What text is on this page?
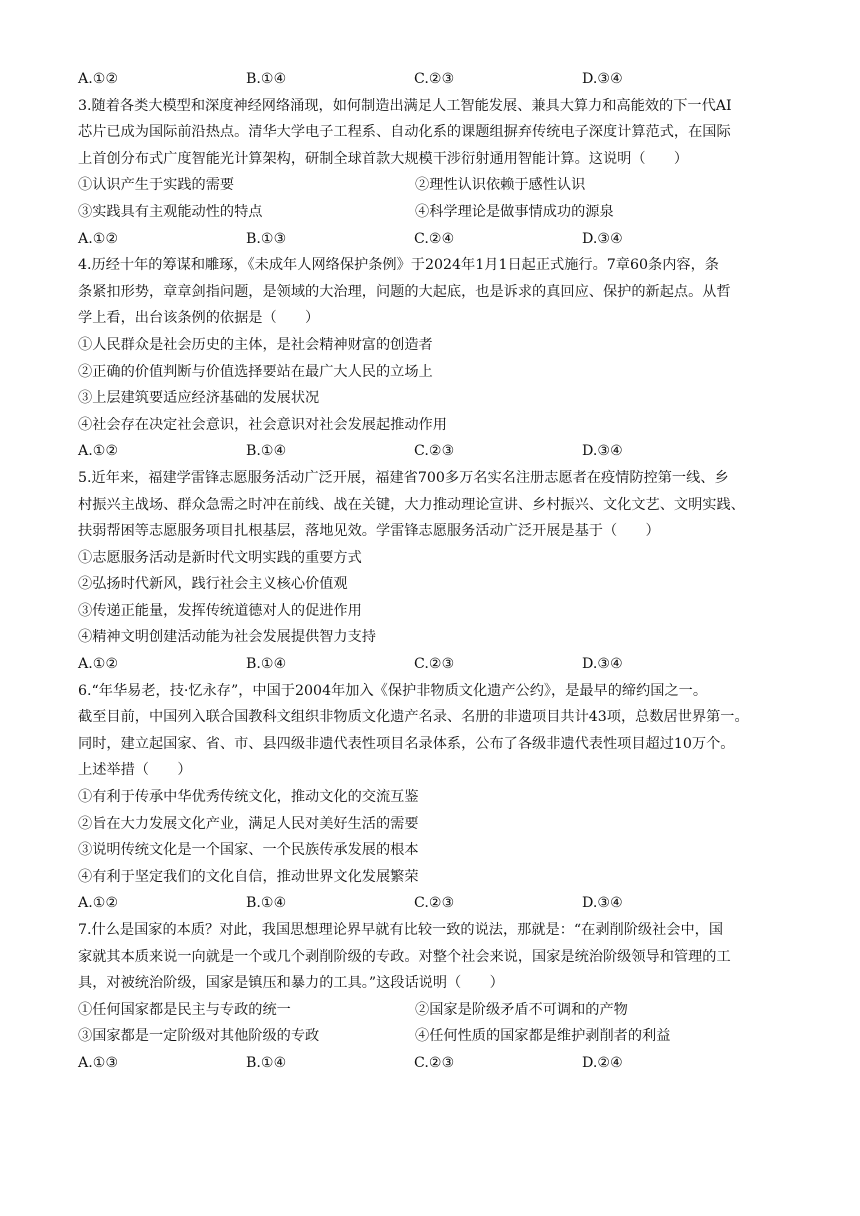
A.①②	B.①④	C.②③	D.③④
3.随着各类大模型和深度神经网络涌现，如何制造出满足人工智能发展、兼具大算力和高能效的下一代AI
芯片已成为国际前沿热点。清华大学电子工程系、自动化系的课题组摒弃传统电子深度计算范式，在国际
上首创分布式广度智能光计算架构，研制全球首款大规模干涉衍射通用智能计算。这说明（　　）
①认识产生于实践的需要	②理性认识依赖于感性认识
③实践具有主观能动性的特点	④科学理论是做事情成功的源泉
A.①②	B.①③	C.②④	D.③④
4.历经十年的筹谋和雕琢，《未成年人网络保护条例》于2024年1月1日起正式施行。7章60条内容，条
条紧扣形势，章章剑指问题，是领域的大治理，问题的大起底，也是诉求的真回应、保护的新起点。从哲
学上看，出台该条例的依据是（　　）
①人民群众是社会历史的主体，是社会精神财富的创造者
②正确的价值判断与价值选择要站在最广大人民的立场上
③上层建筑要适应经济基础的发展状况
④社会存在决定社会意识，社会意识对社会发展起推动作用
A.①②	B.①④	C.②③	D.③④
5.近年来，福建学雷锋志愿服务活动广泛开展，福建省700多万名实名注册志愿者在疫情防控第一线、乡
村振兴主战场、群众急需之时冲在前线、战在关键，大力推动理论宣讲、乡村振兴、文化文艺、文明实践、
扶弱帮困等志愿服务项目扎根基层，落地见效。学雷锋志愿服务活动广泛开展是基于（　　）
①志愿服务活动是新时代文明实践的重要方式
②弘扬时代新风，践行社会主义核心价值观
③传递正能量，发挥传统道德对人的促进作用
④精神文明创建活动能为社会发展提供智力支持
A.①②	B.①④	C.②③	D.③④
6.“年华易老，技·忆永存”，中国于2004年加入《保护非物质文化遗产公约》，是最早的缔约国之一。
截至目前，中国列入联合国教科文组织非物质文化遗产名录、名册的非遗项目共计43项，总数居世界第一。
同时，建立起国家、省、市、县四级非遗代表性项目名录体系，公布了各级非遗代表性项目超过10万个。
上述举措（　　）
①有利于传承中华优秀传统文化，推动文化的交流互鉴
②旨在大力发展文化产业，满足人民对美好生活的需要
③说明传统文化是一个国家、一个民族传承发展的根本
④有利于坚定我们的文化自信，推动世界文化发展繁荣
A.①②	B.①④	C.②③	D.③④
7.什么是国家的本质？对此，我国思想理论界早就有比较一致的说法，那就是：“在剥削阶级社会中，国
家就其本质来说一向就是一个或几个剥削阶级的专政。对整个社会来说，国家是统治阶级领导和管理的工
具，对被统治阶级，国家是镇压和暴力的工具。”这段话说明（　　）
①任何国家都是民主与专政的统一	②国家是阶级矛盾不可调和的产物
③国家都是一定阶级对其他阶级的专政	④任何性质的国家都是维护剥削者的利益
A.①③	B.①④	C.②③	D.②④
